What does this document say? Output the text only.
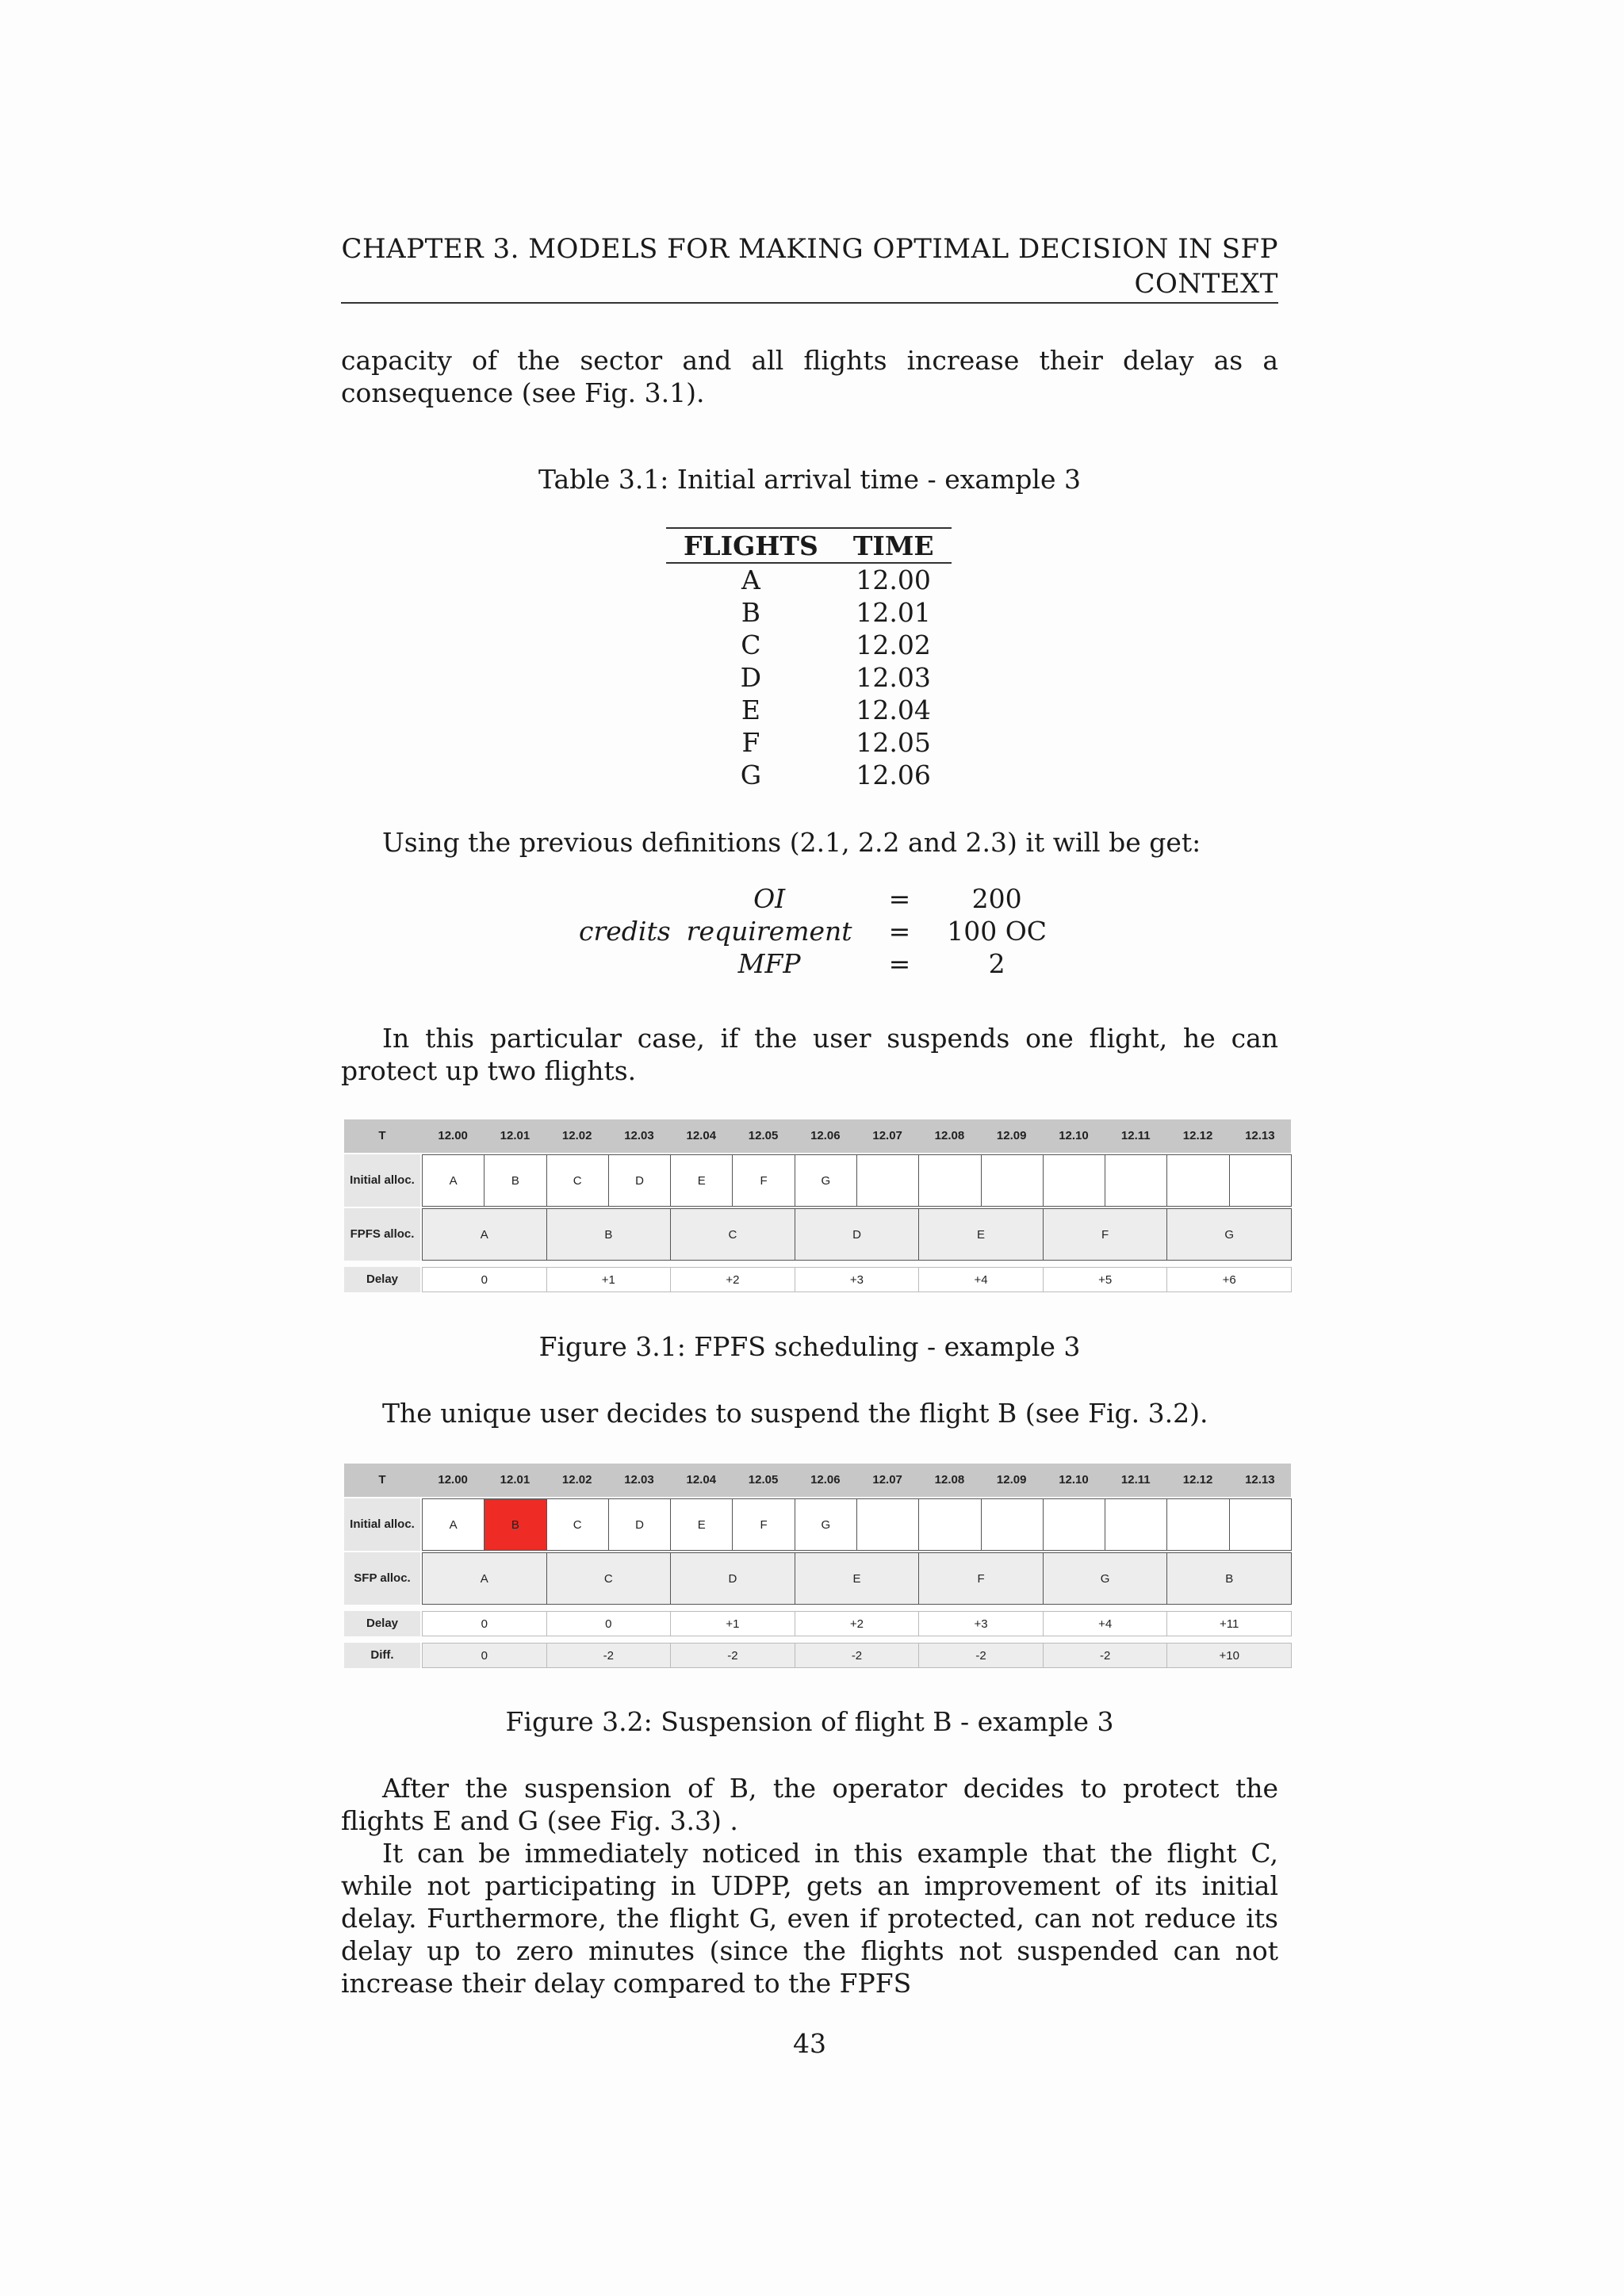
CHAPTER 3. MODELS FOR MAKING OPTIMAL DECISION IN SFP
CONTEXT

capacity of the sector and all flights increase their delay as a consequence (see Fig. 3.1).

Table 3.1: Initial arrival time - example 3
FLIGHTS	TIME
A	12.00
B	12.01
C	12.02
D	12.03
E	12.04
F	12.05
G	12.06

Using the previous definitions (2.1, 2.2 and 2.3) it will be get:

	OI	=	200
credits	requirement	=	100 OC
	MFP	=	2

In this particular case, if the user suspends one flight, he can protect up two flights.

T	12.00	12.01	12.02	12.03	12.04	12.05	12.06	12.07	12.08	12.09	12.10	12.11	12.12	12.13
Initial alloc.	A	B	C	D	E	F	G
FPFS alloc.	A	B	C	D	E	F	G
Delay	0	+1	+2	+3	+4	+5	+6
Figure 3.1: FPFS scheduling - example 3

The unique user decides to suspend the flight B (see Fig. 3.2).

T	12.00	12.01	12.02	12.03	12.04	12.05	12.06	12.07	12.08	12.09	12.10	12.11	12.12	12.13
Initial alloc.	A	B	C	D	E	F	G
SFP alloc.	A	C	D	E	F	G	B
Delay	0	0	+1	+2	+3	+4	+11
Diff.	0	-2	-2	-2	-2	-2	+10
Figure 3.2: Suspension of flight B - example 3

After the suspension of B, the operator decides to protect the flights E and G (see Fig. 3.3) .

It can be immediately noticed in this example that the flight C, while not participating in UDPP, gets an improvement of its initial delay. Furthermore, the flight G, even if protected, can not reduce its delay up to zero minutes (since the flights not suspended can not increase their delay compared to the FPFS

43
